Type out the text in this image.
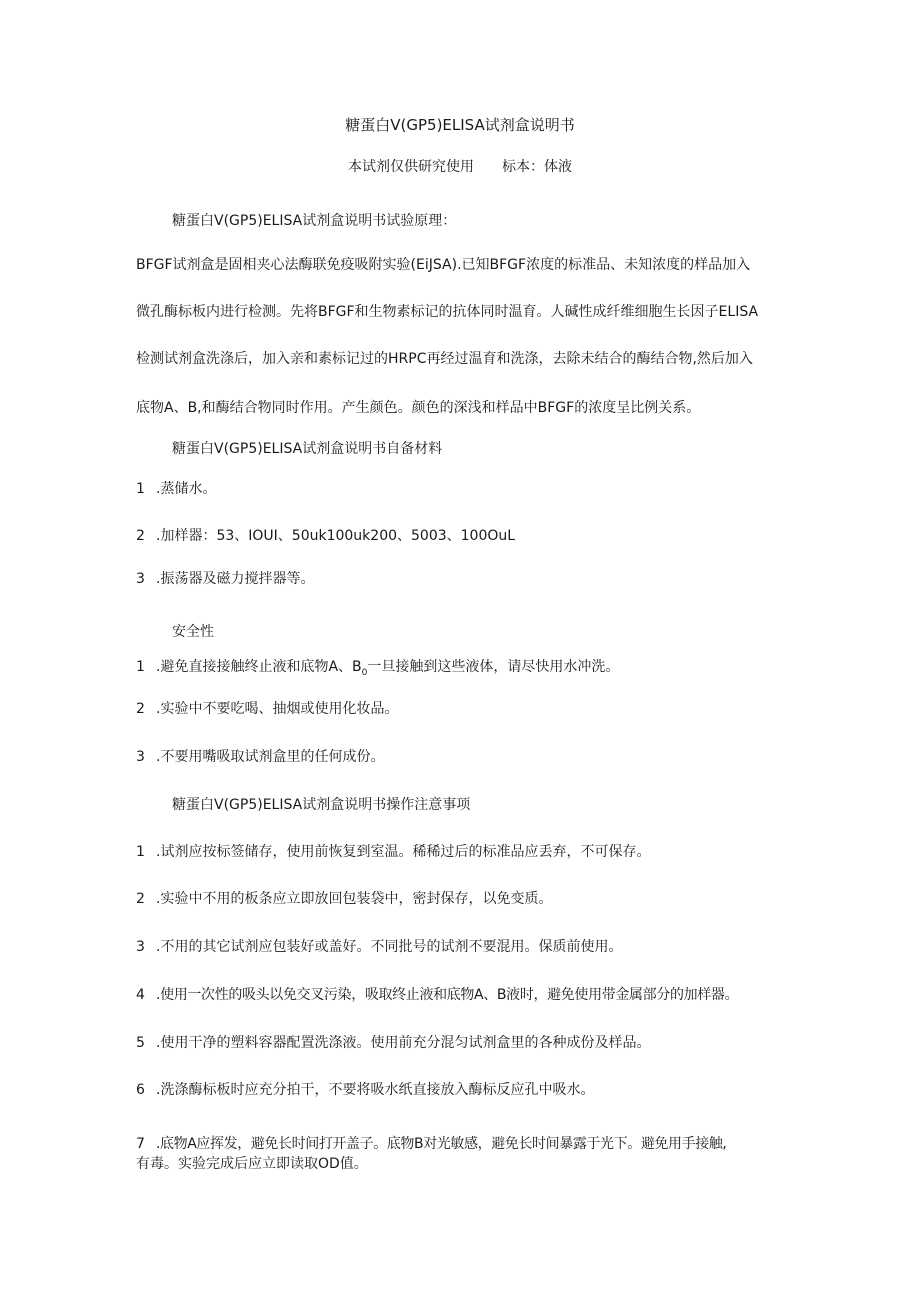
糖蛋白V(GP5)ELISA试剂盒说明书
本试剂仅供研究使用　　标本：体液
糖蛋白V(GP5)ELISA试剂盒说明书试验原理：
BFGF试剂盒是固相夹心法酶联免疫吸附实验(EiJSA).已知BFGF浓度的标准品、未知浓度的样品加入
微孔酶标板内进行检测。先将BFGF和生物素标记的抗体同时温育。人碱性成纤维细胞生长因子ELISA
检测试剂盒洗涤后，加入亲和素标记过的HRPC再经过温育和洗涤，去除未结合的酶结合物,然后加入
底物A、B,和酶结合物同时作用。产生颜色。颜色的深浅和样品中BFGF的浓度呈比例关系。
糖蛋白V(GP5)ELISA试剂盒说明书自备材料
1 .蒸储水。
2 .加样器：53、IOUI、50uk100uk200、5003、100OuL
3 .振荡器及磁力搅拌器等。
安全性
1 .避免直接接触终止液和底物A、$B_0$一旦接触到这些液体，请尽快用水冲洗。
2 .实验中不要吃喝、抽烟或使用化妆品。
3 .不要用嘴吸取试剂盒里的任何成份。
糖蛋白V(GP5)ELISA试剂盒说明书操作注意事项
1 .试剂应按标签储存，使用前恢复到室温。稀稀过后的标准品应丢弃，不可保存。
2 .实验中不用的板条应立即放回包装袋中，密封保存，以免变质。
3 .不用的其它试剂应包装好或盖好。不同批号的试剂不要混用。保质前使用。
4 .使用一次性的吸头以免交叉污染，吸取终止液和底物A、B液时，避免使用带金属部分的加样器。
5 .使用干净的塑料容器配置洗涤液。使用前充分混匀试剂盒里的各种成份及样品。
6 .洗涤酶标板时应充分拍干，不要将吸水纸直接放入酶标反应孔中吸水。
7 .底物A应挥发，避免长时间打开盖子。底物B对光敏感，避免长时间暴露于光下。避免用手接触,
有毒。实验完成后应立即读取OD值。
